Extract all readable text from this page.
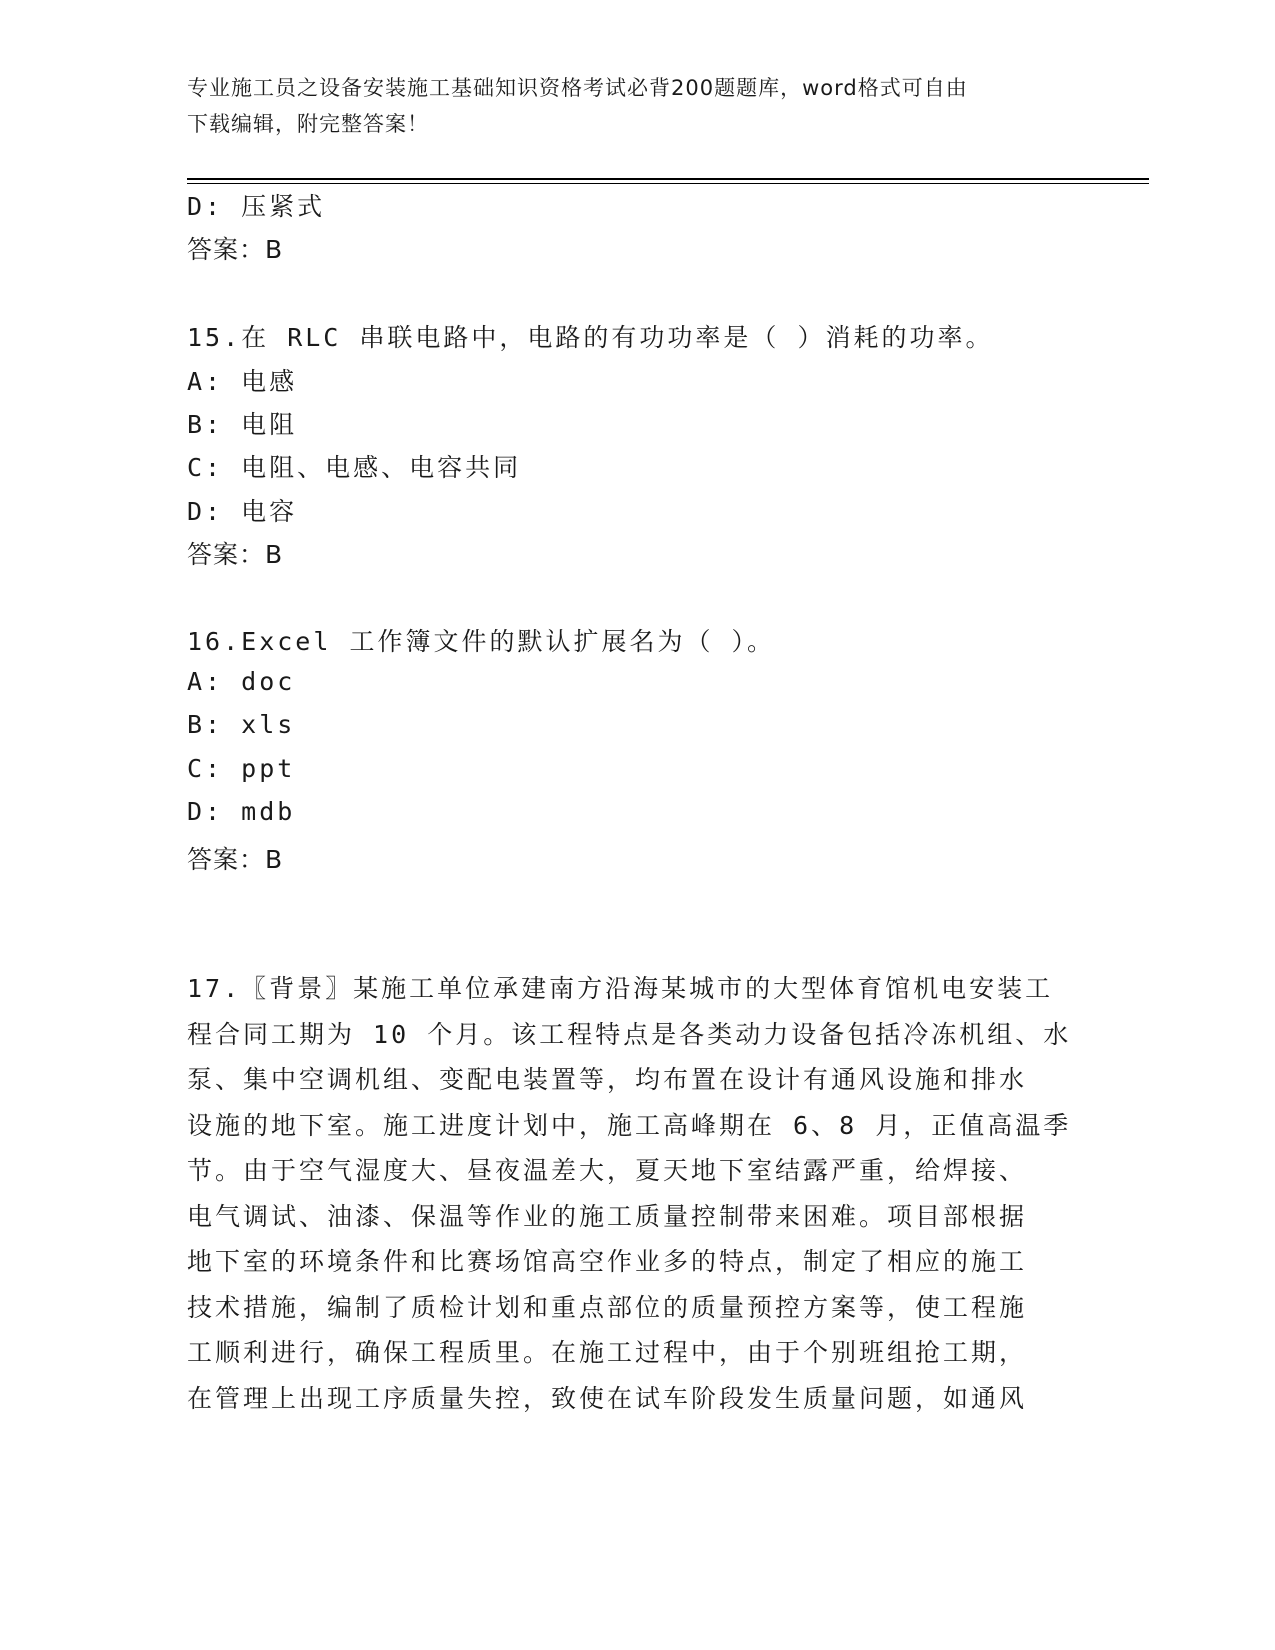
专业施工员之设备安装施工基础知识资格考试必背200题题库，word格式可自由
下载编辑，附完整答案！
D: 压紧式
答案：B
15.在 RLC 串联电路中，电路的有功功率是（ ）消耗的功率。
A: 电感
B: 电阻
C: 电阻、电感、电容共同
D: 电容
答案：B
16.Excel 工作簿文件的默认扩展名为（ ）。
A: doc
B: xls
C: ppt
D: mdb
答案：B
17.〖背景〗某施工单位承建南方沿海某城市的大型体育馆机电安装工
程合同工期为 10 个月。该工程特点是各类动力设备包括冷冻机组、水
泵、集中空调机组、变配电装置等，均布置在设计有通风设施和排水
设施的地下室。施工进度计划中，施工高峰期在 6、8 月，正值高温季
节。由于空气湿度大、昼夜温差大，夏天地下室结露严重，给焊接、
电气调试、油漆、保温等作业的施工质量控制带来困难。项目部根据
地下室的环境条件和比赛场馆高空作业多的特点，制定了相应的施工
技术措施，编制了质检计划和重点部位的质量预控方案等，使工程施
工顺利进行，确保工程质里。在施工过程中，由于个别班组抢工期，
在管理上出现工序质量失控，致使在试车阶段发生质量问题，如通风
